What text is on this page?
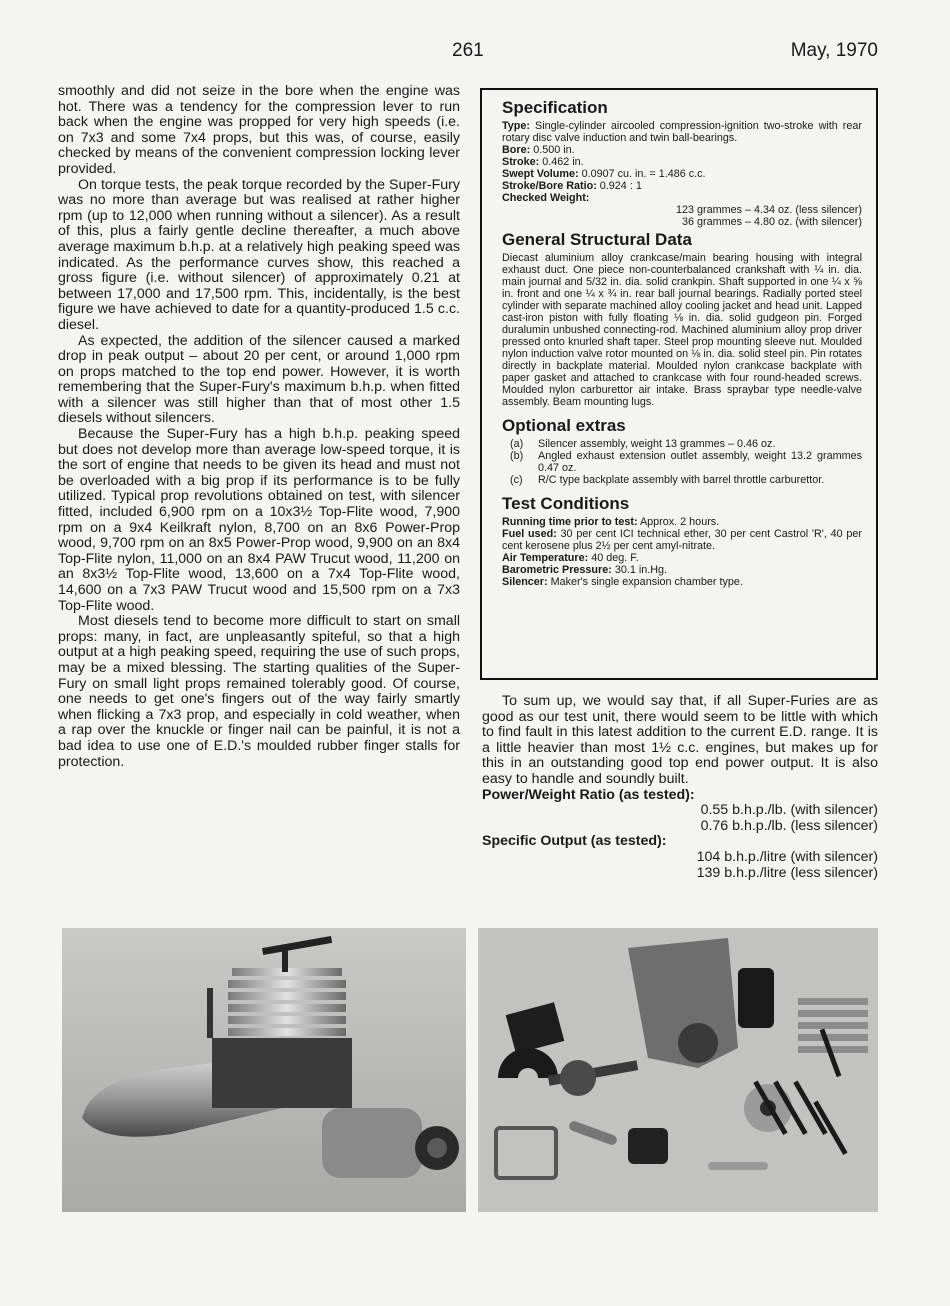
261	May, 1970

smoothly and did not seize in the bore when the engine was hot. There was a tendency for the compression lever to run back when the engine was propped for very high speeds (i.e. on 7x3 and some 7x4 props, but this was, of course, easily checked by means of the convenient compression locking lever provided.

On torque tests, the peak torque recorded by the Super-Fury was no more than average but was realised at rather higher rpm (up to 12,000 when running without a silencer). As a result of this, plus a fairly gentle decline thereafter, a much above average maximum b.h.p. at a relatively high peaking speed was indicated. As the performance curves show, this reached a gross figure (i.e. without silencer) of approximately 0.21 at between 17,000 and 17,500 rpm. This, incidentally, is the best figure we have achieved to date for a quantity-produced 1.5 c.c. diesel.

As expected, the addition of the silencer caused a marked drop in peak output – about 20 per cent, or around 1,000 rpm on props matched to the top end power. However, it is worth remembering that the Super-Fury's maximum b.h.p. when fitted with a silencer was still higher than that of most other 1.5 diesels without silencers.

Because the Super-Fury has a high b.h.p. peaking speed but does not develop more than average low-speed torque, it is the sort of engine that needs to be given its head and must not be overloaded with a big prop if its performance is to be fully utilized. Typical prop revolutions obtained on test, with silencer fitted, included 6,900 rpm on a 10x3½ Top-Flite wood, 7,900 rpm on a 9x4 Keilkraft nylon, 8,700 on an 8x6 Power-Prop wood, 9,700 rpm on an 8x5 Power-Prop wood, 9,900 on an 8x4 Top-Flite nylon, 11,000 on an 8x4 PAW Trucut wood, 11,200 on an 8x3½ Top-Flite wood, 13,600 on a 7x4 Top-Flite wood, 14,600 on a 7x3 PAW Trucut wood and 15,500 rpm on a 7x3 Top-Flite wood.

Most diesels tend to become more difficult to start on small props: many, in fact, are unpleasantly spiteful, so that a high output at a high peaking speed, requiring the use of such props, may be a mixed blessing. The starting qualities of the Super-Fury on small light props remained tolerably good. Of course, one needs to get one's fingers out of the way fairly smartly when flicking a 7x3 prop, and especially in cold weather, when a rap over the knuckle or finger nail can be painful, it is not a bad idea to use one of E.D.'s moulded rubber finger stalls for protection.

Specification
Type: Single-cylinder aircooled compression-ignition two-stroke with rear rotary disc valve induction and twin ball-bearings.
Bore: 0.500 in.
Stroke: 0.462 in.
Swept Volume: 0.0907 cu. in. = 1.486 c.c.
Stroke/Bore Ratio: 0.924 : 1
Checked Weight:
123 grammes – 4.34 oz. (less silencer)
36 grammes – 4.80 oz. (with silencer)
General Structural Data
Diecast aluminium alloy crankcase/main bearing housing with integral exhaust duct. One piece non-counterbalanced crankshaft with ¼ in. dia. main journal and 5/32 in. dia. solid crankpin. Shaft supported in one ¼ x ⅝ in. front and one ¼ x ¾ in. rear ball journal bearings. Radially ported steel cylinder with separate machined alloy cooling jacket and head unit. Lapped cast-iron piston with fully floating ⅛ in. dia. solid gudgeon pin. Forged duralumin unbushed connecting-rod. Machined aluminium alloy prop driver pressed onto knurled shaft taper. Steel prop mounting sleeve nut. Moulded nylon induction valve rotor mounted on ⅛ in. dia. solid steel pin. Pin rotates directly in backplate material. Moulded nylon crankcase backplate with paper gasket and attached to crankcase with four round-headed screws. Moulded nylon carburettor air intake. Brass spraybar type needle-valve assembly. Beam mounting lugs.
Optional extras
(a)	Silencer assembly, weight 13 grammes – 0.46 oz.
(b)	Angled exhaust extension outlet assembly, weight 13.2 grammes 0.47 oz.
(c)	R/C type backplate assembly with barrel throttle carburettor.
Test Conditions
Running time prior to test: Approx. 2 hours.
Fuel used: 30 per cent ICI technical ether, 30 per cent Castrol 'R', 40 per cent kerosene plus 2½ per cent amyl-nitrate.
Air Temperature: 40 deg. F.
Barometric Pressure: 30.1 in.Hg.
Silencer: Maker's single expansion chamber type.

To sum up, we would say that, if all Super-Furies are as good as our test unit, there would seem to be little with which to find fault in this latest addition to the current E.D. range. It is a little heavier than most 1½ c.c. engines, but makes up for this in an outstanding good top end power output. It is also easy to handle and soundly built.

Power/Weight Ratio (as tested):
0.55 b.h.p./lb. (with silencer)
0.76 b.h.p./lb. (less silencer)
Specific Output (as tested):
104 b.h.p./litre (with silencer)
139 b.h.p./litre (less silencer)
